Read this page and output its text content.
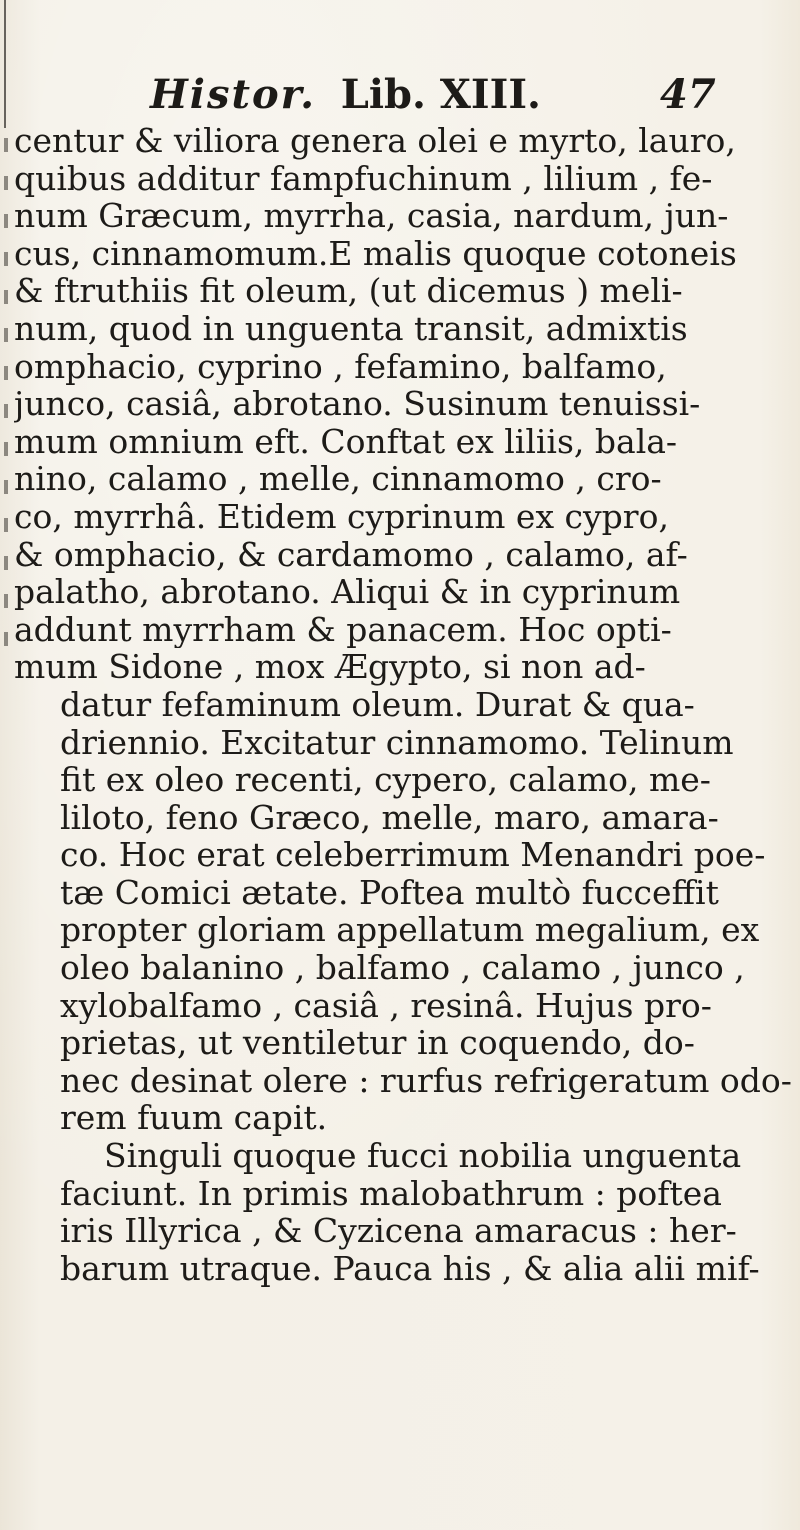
Histor. Lib. XIII.	47
centur & viliora genera olei e myrto, lauro,
quibus additur fampfuchinum , lilium , fe-
num Græcum, myrrha, casia, nardum, jun-
cus, cinnamomum.E malis quoque cotoneis
& ftruthiis fit oleum, (ut dicemus ) meli-
num, quod in unguenta transit, admixtis
omphacio, cyprino , fefamino, balfamo,
junco, casiâ, abrotano. Susinum tenuissi-
mum omnium eft. Conftat ex liliis, bala-
nino, calamo , melle, cinnamomo , cro-
co, myrrhâ. Etidem cyprinum ex cypro,
& omphacio, & cardamomo , calamo, af-
palatho, abrotano. Aliqui & in cyprinum
addunt myrrham & panacem. Hoc opti-
mum Sidone , mox Ægypto, si non ad-
datur fefaminum oleum. Durat & qua-
driennio. Excitatur cinnamomo. Telinum
fit ex oleo recenti, cypero, calamo, me-
liloto, feno Græco, melle, maro, amara-
co. Hoc erat celeberrimum Menandri poe-
tæ Comici ætate. Poftea multò fucceffit
propter gloriam appellatum megalium, ex
oleo balanino , balfamo , calamo , junco ,
xylobalfamo , casiâ , resinâ. Hujus pro-
prietas, ut ventiletur in coquendo, do-
nec desinat olere : rurfus refrigeratum odo-
rem fuum capit.
Singuli quoque fucci nobilia unguenta
faciunt. In primis malobathrum : poftea
iris Illyrica , & Cyzicena amaracus : her-
barum utraque. Pauca his , & alia alii mif-
